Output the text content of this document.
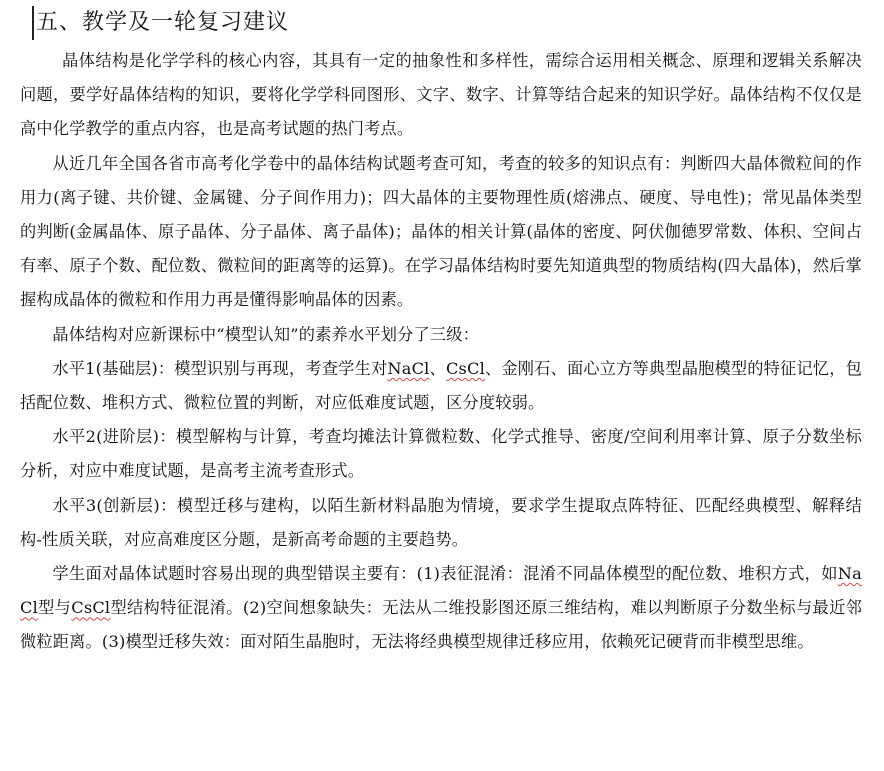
五、教学及一轮复习建议

晶体结构是化学学科的核心内容，其具有一定的抽象性和多样性，需综合运用相关概念、原理和逻辑关系解决问题，要学好晶体结构的知识，要将化学学科同图形、文字、数字、计算等结合起来的知识学好。晶体结构不仅仅是高中化学教学的重点内容，也是高考试题的热门考点。

从近几年全国各省市高考化学卷中的晶体结构试题考查可知，考查的较多的知识点有：判断四大晶体微粒间的作用力(离子键、共价键、金属键、分子间作用力)；四大晶体的主要物理性质(熔沸点、硬度、导电性)；常见晶体类型的判断(金属晶体、原子晶体、分子晶体、离子晶体)；晶体的相关计算(晶体的密度、阿伏伽德罗常数、体积、空间占有率、原子个数、配位数、微粒间的距离等的运算)。在学习晶体结构时要先知道典型的物质结构(四大晶体)，然后掌握构成晶体的微粒和作用力再是懂得影响晶体的因素。

晶体结构对应新课标中“模型认知”的素养水平划分了三级：

水平1(基础层)：模型识别与再现，考查学生对NaCl、CsCl、金刚石、面心立方等典型晶胞模型的特征记忆，包括配位数、堆积方式、微粒位置的判断，对应低难度试题，区分度较弱。

水平2(进阶层)：模型解构与计算，考查均摊法计算微粒数、化学式推导、密度/空间利用率计算、原子分数坐标分析，对应中难度试题，是高考主流考查形式。

水平3(创新层)：模型迁移与建构，以陌生新材料晶胞为情境，要求学生提取点阵特征、匹配经典模型、解释结构-性质关联，对应高难度区分题，是新高考命题的主要趋势。

学生面对晶体试题时容易出现的典型错误主要有：(1)表征混淆：混淆不同晶体模型的配位数、堆积方式，如NaCl型与CsCl型结构特征混淆。(2)空间想象缺失：无法从二维投影图还原三维结构，难以判断原子分数坐标与最近邻微粒距离。(3)模型迁移失效：面对陌生晶胞时，无法将经典模型规律迁移应用，依赖死记硬背而非模型思维。
